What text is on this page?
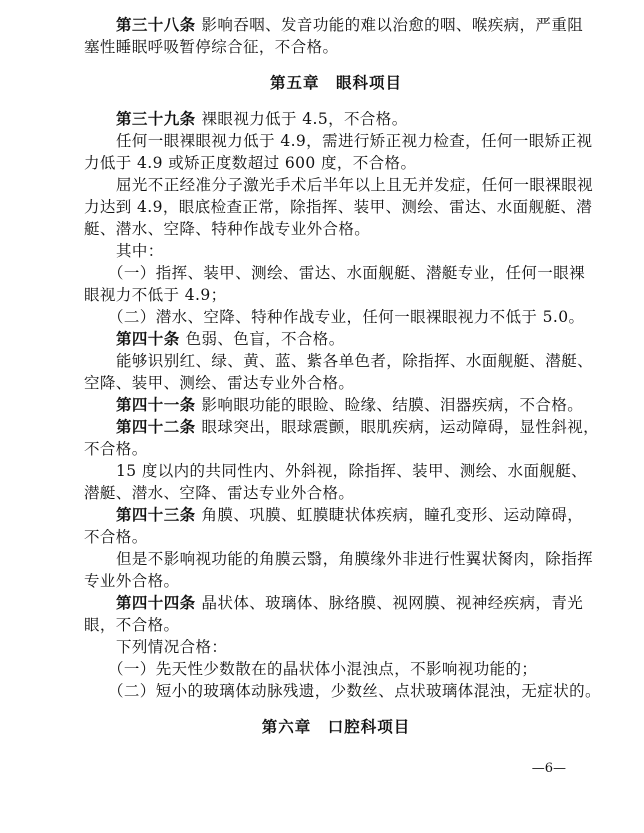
第三十八条 影响吞咽、发音功能的难以治愈的咽、喉疾病，严重阻
塞性睡眠呼吸暂停综合征，不合格。
第五章　眼科项目
第三十九条 裸眼视力低于 4.5，不合格。
任何一眼裸眼视力低于 4.9，需进行矫正视力检查，任何一眼矫正视
力低于 4.9 或矫正度数超过 600 度，不合格。
屈光不正经准分子激光手术后半年以上且无并发症，任何一眼裸眼视
力达到 4.9，眼底检查正常，除指挥、装甲、测绘、雷达、水面舰艇、潜
艇、潜水、空降、特种作战专业外合格。
其中：
（一）指挥、装甲、测绘、雷达、水面舰艇、潜艇专业，任何一眼裸
眼视力不低于 4.9；
（二）潜水、空降、特种作战专业，任何一眼裸眼视力不低于 5.0。
第四十条 色弱、色盲，不合格。
能够识别红、绿、黄、蓝、紫各单色者，除指挥、水面舰艇、潜艇、
空降、装甲、测绘、雷达专业外合格。
第四十一条 影响眼功能的眼睑、睑缘、结膜、泪器疾病，不合格。
第四十二条 眼球突出，眼球震颤，眼肌疾病，运动障碍，显性斜视，
不合格。
15 度以内的共同性内、外斜视，除指挥、装甲、测绘、水面舰艇、
潜艇、潜水、空降、雷达专业外合格。
第四十三条 角膜、巩膜、虹膜睫状体疾病，瞳孔变形、运动障碍，
不合格。
但是不影响视功能的角膜云翳，角膜缘外非进行性翼状胬肉，除指挥
专业外合格。
第四十四条 晶状体、玻璃体、脉络膜、视网膜、视神经疾病，青光
眼，不合格。
下列情况合格：
（一）先天性少数散在的晶状体小混浊点，不影响视功能的；
（二）短小的玻璃体动脉残遗，少数丝、点状玻璃体混浊，无症状的。
第六章　口腔科项目
—6—
